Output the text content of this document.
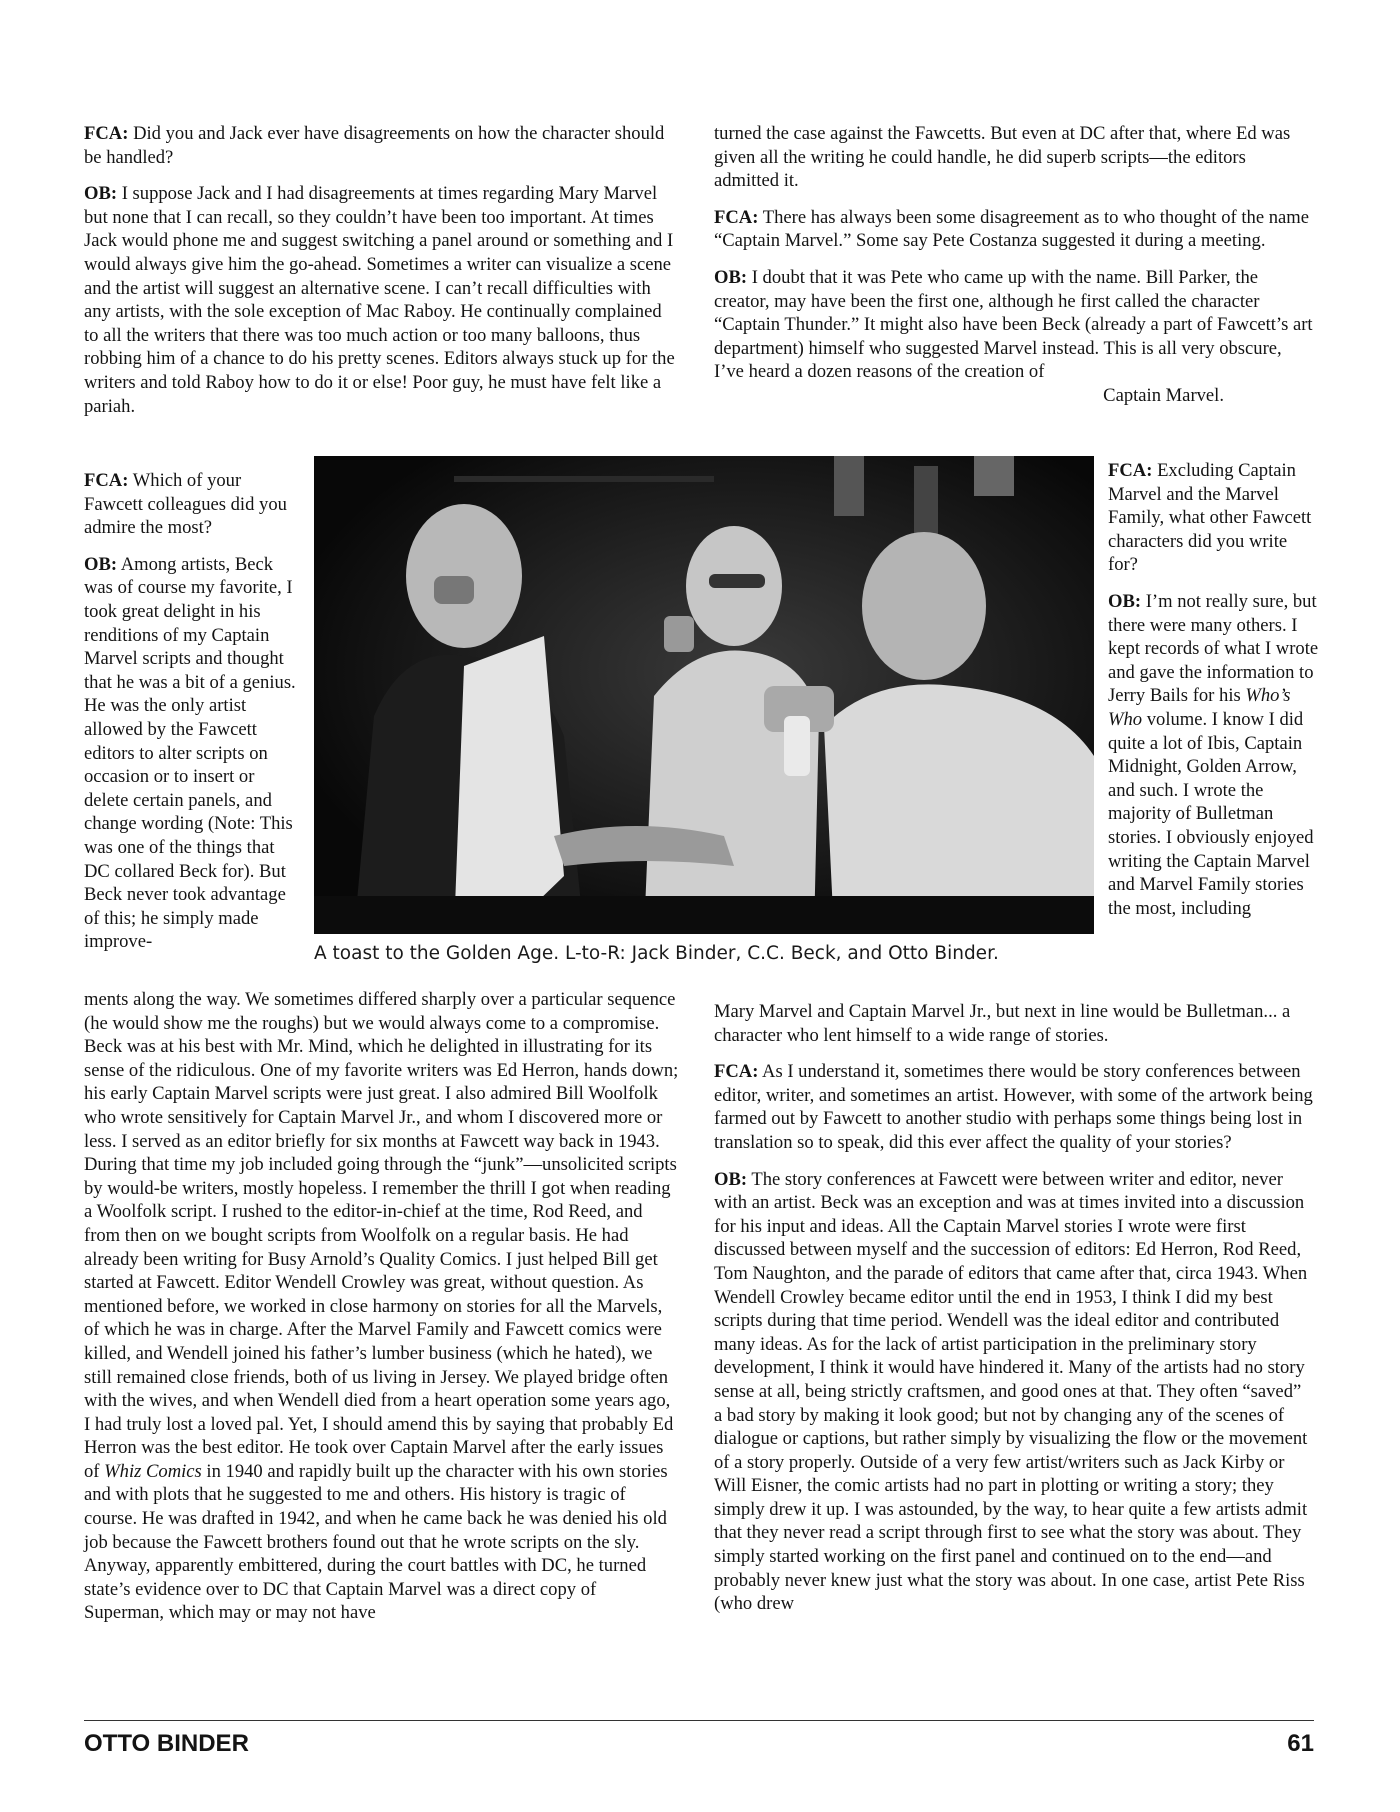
FCA: Did you and Jack ever have disagreements on how the character should be handled?

OB: I suppose Jack and I had disagreements at times regarding Mary Marvel but none that I can recall, so they couldn’t have been too important. At times Jack would phone me and suggest switching a panel around or something and I would always give him the go-ahead. Sometimes a writer can visualize a scene and the artist will suggest an alternative scene. I can’t recall difficulties with any artists, with the sole exception of Mac Raboy. He continually complained to all the writers that there was too much action or too many balloons, thus robbing him of a chance to do his pretty scenes. Editors always stuck up for the writers and told Raboy how to do it or else! Poor guy, he must have felt like a pariah.

FCA: Which of your Fawcett colleagues did you admire the most?

OB: Among artists, Beck was of course my favorite, I took great delight in his renditions of my Captain Marvel scripts and thought that he was a bit of a genius. He was the only artist allowed by the Fawcett editors to alter scripts on occasion or to insert or delete certain panels, and change wording (Note: This was one of the things that DC collared Beck for). But Beck never took advantage of this; he simply made improve-

ments along the way. We sometimes differed sharply over a particular sequence (he would show me the roughs) but we would always come to a compromise. Beck was at his best with Mr. Mind, which he delighted in illustrating for its sense of the ridiculous. One of my favorite writers was Ed Herron, hands down; his early Captain Marvel scripts were just great. I also admired Bill Woolfolk who wrote sensitively for Captain Marvel Jr., and whom I discovered more or less. I served as an editor briefly for six months at Fawcett way back in 1943. During that time my job included going through the “junk”—unsolicited scripts by would-be writers, mostly hopeless. I remember the thrill I got when reading a Woolfolk script. I rushed to the editor-in-chief at the time, Rod Reed, and from then on we bought scripts from Woolfolk on a regular basis. He had already been writing for Busy Arnold’s Quality Comics. I just helped Bill get started at Fawcett. Editor Wendell Crowley was great, without question. As mentioned before, we worked in close harmony on stories for all the Marvels, of which he was in charge. After the Marvel Family and Fawcett comics were killed, and Wendell joined his father’s lumber business (which he hated), we still remained close friends, both of us living in Jersey. We played bridge often with the wives, and when Wendell died from a heart operation some years ago, I had truly lost a loved pal. Yet, I should amend this by saying that probably Ed Herron was the best editor. He took over Captain Marvel after the early issues of Whiz Comics in 1940 and rapidly built up the character with his own stories and with plots that he suggested to me and others. His history is tragic of course. He was drafted in 1942, and when he came back he was denied his old job because the Fawcett brothers found out that he wrote scripts on the sly. Anyway, apparently embittered, during the court battles with DC, he turned state’s evidence over to DC that Captain Marvel was a direct copy of Superman, which may or may not have

turned the case against the Fawcetts. But even at DC after that, where Ed was given all the writing he could handle, he did superb scripts—the editors admitted it.

FCA: There has always been some disagreement as to who thought of the name “Captain Marvel.” Some say Pete Costanza suggested it during a meeting.

OB: I doubt that it was Pete who came up with the name. Bill Parker, the creator, may have been the first one, although he first called the character “Captain Thunder.” It might also have been Beck (already a part of Fawcett’s art department) himself who suggested Marvel instead. This is all very obscure, I’ve heard a dozen reasons of the creation of
Captain Marvel.

FCA: Excluding Captain Marvel and the Marvel Family, what other Fawcett characters did you write for?

OB: I’m not really sure, but there were many others. I kept records of what I wrote and gave the information to Jerry Bails for his Who’s Who volume. I know I did quite a lot of Ibis, Captain Midnight, Golden Arrow, and such. I wrote the majority of Bulletman stories. I obviously enjoyed writing the Captain Marvel and Marvel Family stories the most, including

Mary Marvel and Captain Marvel Jr., but next in line would be Bulletman... a character who lent himself to a wide range of stories.

FCA: As I understand it, sometimes there would be story conferences between editor, writer, and sometimes an artist. However, with some of the artwork being farmed out by Fawcett to another studio with perhaps some things being lost in translation so to speak, did this ever affect the quality of your stories?

OB: The story conferences at Fawcett were between writer and editor, never with an artist. Beck was an exception and was at times invited into a discussion for his input and ideas. All the Captain Marvel stories I wrote were first discussed between myself and the succession of editors: Ed Herron, Rod Reed, Tom Naughton, and the parade of editors that came after that, circa 1943. When Wendell Crowley became editor until the end in 1953, I think I did my best scripts during that time period. Wendell was the ideal editor and contributed many ideas. As for the lack of artist participation in the preliminary story development, I think it would have hindered it. Many of the artists had no story sense at all, being strictly craftsmen, and good ones at that. They often “saved” a bad story by making it look good; but not by changing any of the scenes of dialogue or captions, but rather simply by visualizing the flow or the movement of a story properly. Outside of a very few artist/writers such as Jack Kirby or Will Eisner, the comic artists had no part in plotting or writing a story; they simply drew it up. I was astounded, by the way, to hear quite a few artists admit that they never read a script through first to see what the story was about. They simply started working on the first panel and continued on to the end—and probably never knew just what the story was about. In one case, artist Pete Riss (who drew

A toast to the Golden Age. L-to-R: Jack Binder, C.C. Beck, and Otto Binder.
OTTO BINDER	61
